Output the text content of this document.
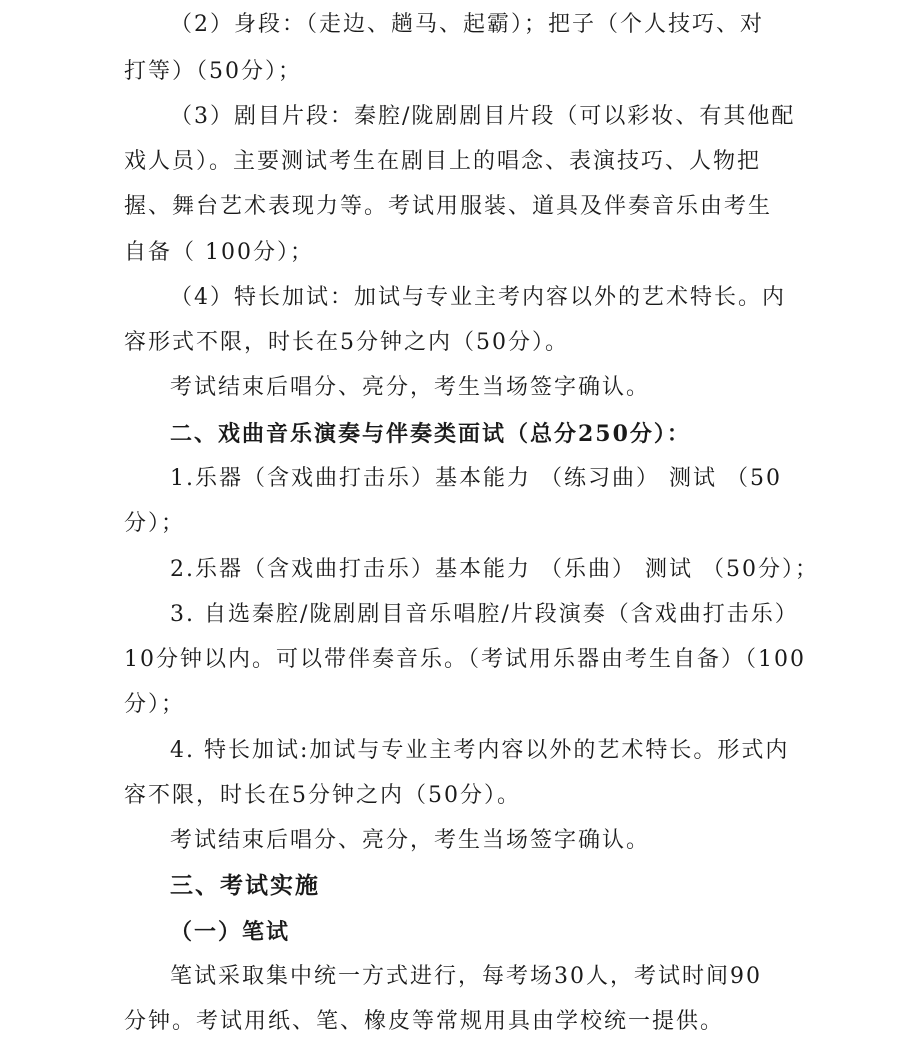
（2）身段：（走边、趟马、起霸）；把子（个人技巧、对
打等）（50分）；
（3）剧目片段：秦腔/陇剧剧目片段（可以彩妆、有其他配
戏人员）。主要测试考生在剧目上的唱念、表演技巧、人物把
握、舞台艺术表现力等。考试用服装、道具及伴奏音乐由考生
自备（ 100分）；
（4）特长加试：加试与专业主考内容以外的艺术特长。内
容形式不限，时长在5分钟之内（50分）。
考试结束后唱分、亮分，考生当场签字确认。
二、戏曲音乐演奏与伴奏类面试（总分250分）：
1.乐器（含戏曲打击乐）基本能力 （练习曲） 测试 （50
分）；
2.乐器（含戏曲打击乐）基本能力 （乐曲） 测试 （50分）；
3. 自选秦腔/陇剧剧目音乐唱腔/片段演奏（含戏曲打击乐）
10分钟以内。可以带伴奏音乐。（考试用乐器由考生自备）（100
分）；
4. 特长加试:加试与专业主考内容以外的艺术特长。形式内
容不限，时长在5分钟之内（50分）。
考试结束后唱分、亮分，考生当场签字确认。
三、考试实施
（一）笔试
笔试采取集中统一方式进行，每考场30人，考试时间90
分钟。考试用纸、笔、橡皮等常规用具由学校统一提供。
